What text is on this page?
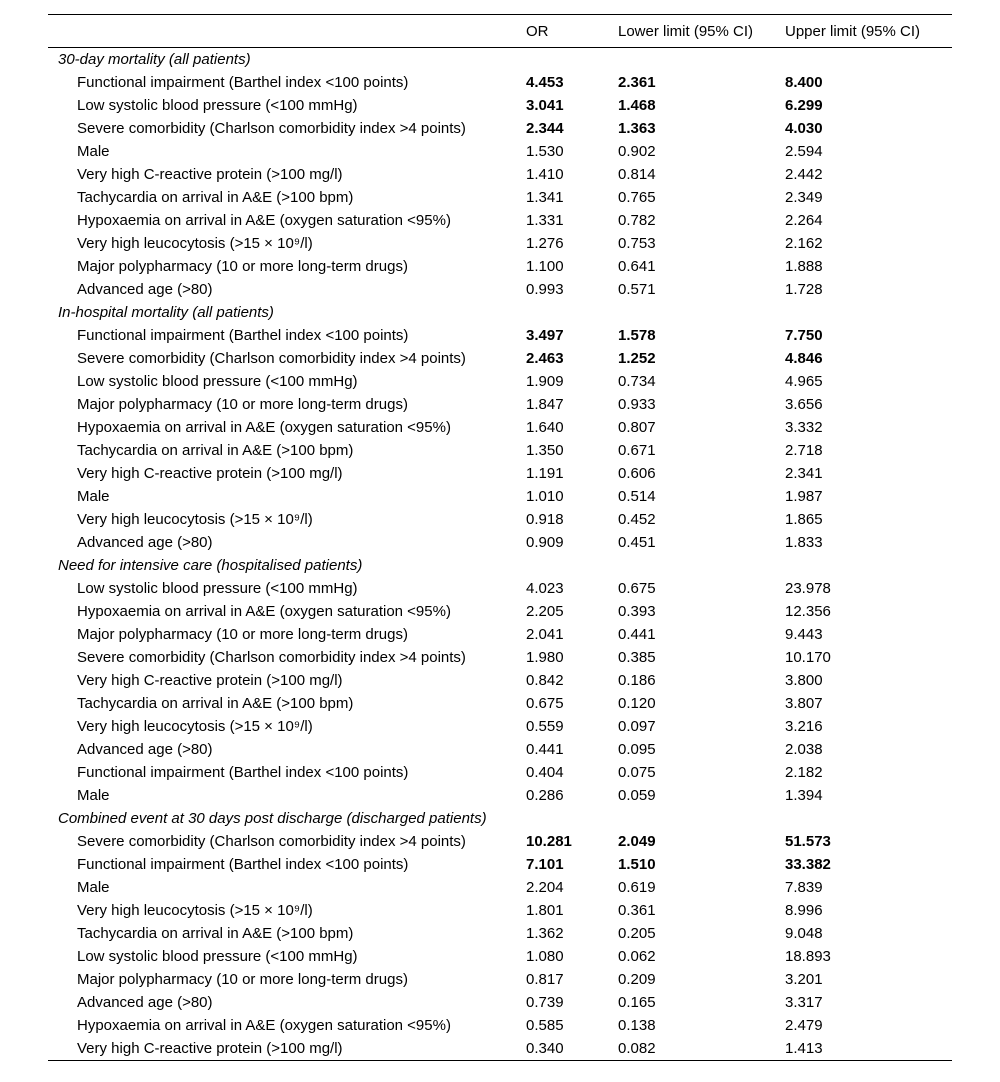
	OR	Lower limit (95% CI)	Upper limit (95% CI)
30-day mortality (all patients)			
Functional impairment (Barthel index <100 points)	4.453	2.361	8.400
Low systolic blood pressure (<100 mmHg)	3.041	1.468	6.299
Severe comorbidity (Charlson comorbidity index >4 points)	2.344	1.363	4.030
Male	1.530	0.902	2.594
Very high C-reactive protein (>100 mg/l)	1.410	0.814	2.442
Tachycardia on arrival in A&E (>100 bpm)	1.341	0.765	2.349
Hypoxaemia on arrival in A&E (oxygen saturation <95%)	1.331	0.782	2.264
Very high leucocytosis (>15 × 10⁹/l)	1.276	0.753	2.162
Major polypharmacy (10 or more long-term drugs)	1.100	0.641	1.888
Advanced age (>80)	0.993	0.571	1.728
In-hospital mortality (all patients)			
Functional impairment (Barthel index <100 points)	3.497	1.578	7.750
Severe comorbidity (Charlson comorbidity index >4 points)	2.463	1.252	4.846
Low systolic blood pressure (<100 mmHg)	1.909	0.734	4.965
Major polypharmacy (10 or more long-term drugs)	1.847	0.933	3.656
Hypoxaemia on arrival in A&E (oxygen saturation <95%)	1.640	0.807	3.332
Tachycardia on arrival in A&E (>100 bpm)	1.350	0.671	2.718
Very high C-reactive protein (>100 mg/l)	1.191	0.606	2.341
Male	1.010	0.514	1.987
Very high leucocytosis (>15 × 10⁹/l)	0.918	0.452	1.865
Advanced age (>80)	0.909	0.451	1.833
Need for intensive care (hospitalised patients)			
Low systolic blood pressure (<100 mmHg)	4.023	0.675	23.978
Hypoxaemia on arrival in A&E (oxygen saturation <95%)	2.205	0.393	12.356
Major polypharmacy (10 or more long-term drugs)	2.041	0.441	9.443
Severe comorbidity (Charlson comorbidity index >4 points)	1.980	0.385	10.170
Very high C-reactive protein (>100 mg/l)	0.842	0.186	3.800
Tachycardia on arrival in A&E (>100 bpm)	0.675	0.120	3.807
Very high leucocytosis (>15 × 10⁹/l)	0.559	0.097	3.216
Advanced age (>80)	0.441	0.095	2.038
Functional impairment (Barthel index <100 points)	0.404	0.075	2.182
Male	0.286	0.059	1.394
Combined event at 30 days post discharge (discharged patients)			
Severe comorbidity (Charlson comorbidity index >4 points)	10.281	2.049	51.573
Functional impairment (Barthel index <100 points)	7.101	1.510	33.382
Male	2.204	0.619	7.839
Very high leucocytosis (>15 × 10⁹/l)	1.801	0.361	8.996
Tachycardia on arrival in A&E (>100 bpm)	1.362	0.205	9.048
Low systolic blood pressure (<100 mmHg)	1.080	0.062	18.893
Major polypharmacy (10 or more long-term drugs)	0.817	0.209	3.201
Advanced age (>80)	0.739	0.165	3.317
Hypoxaemia on arrival in A&E (oxygen saturation <95%)	0.585	0.138	2.479
Very high C-reactive protein (>100 mg/l)	0.340	0.082	1.413
